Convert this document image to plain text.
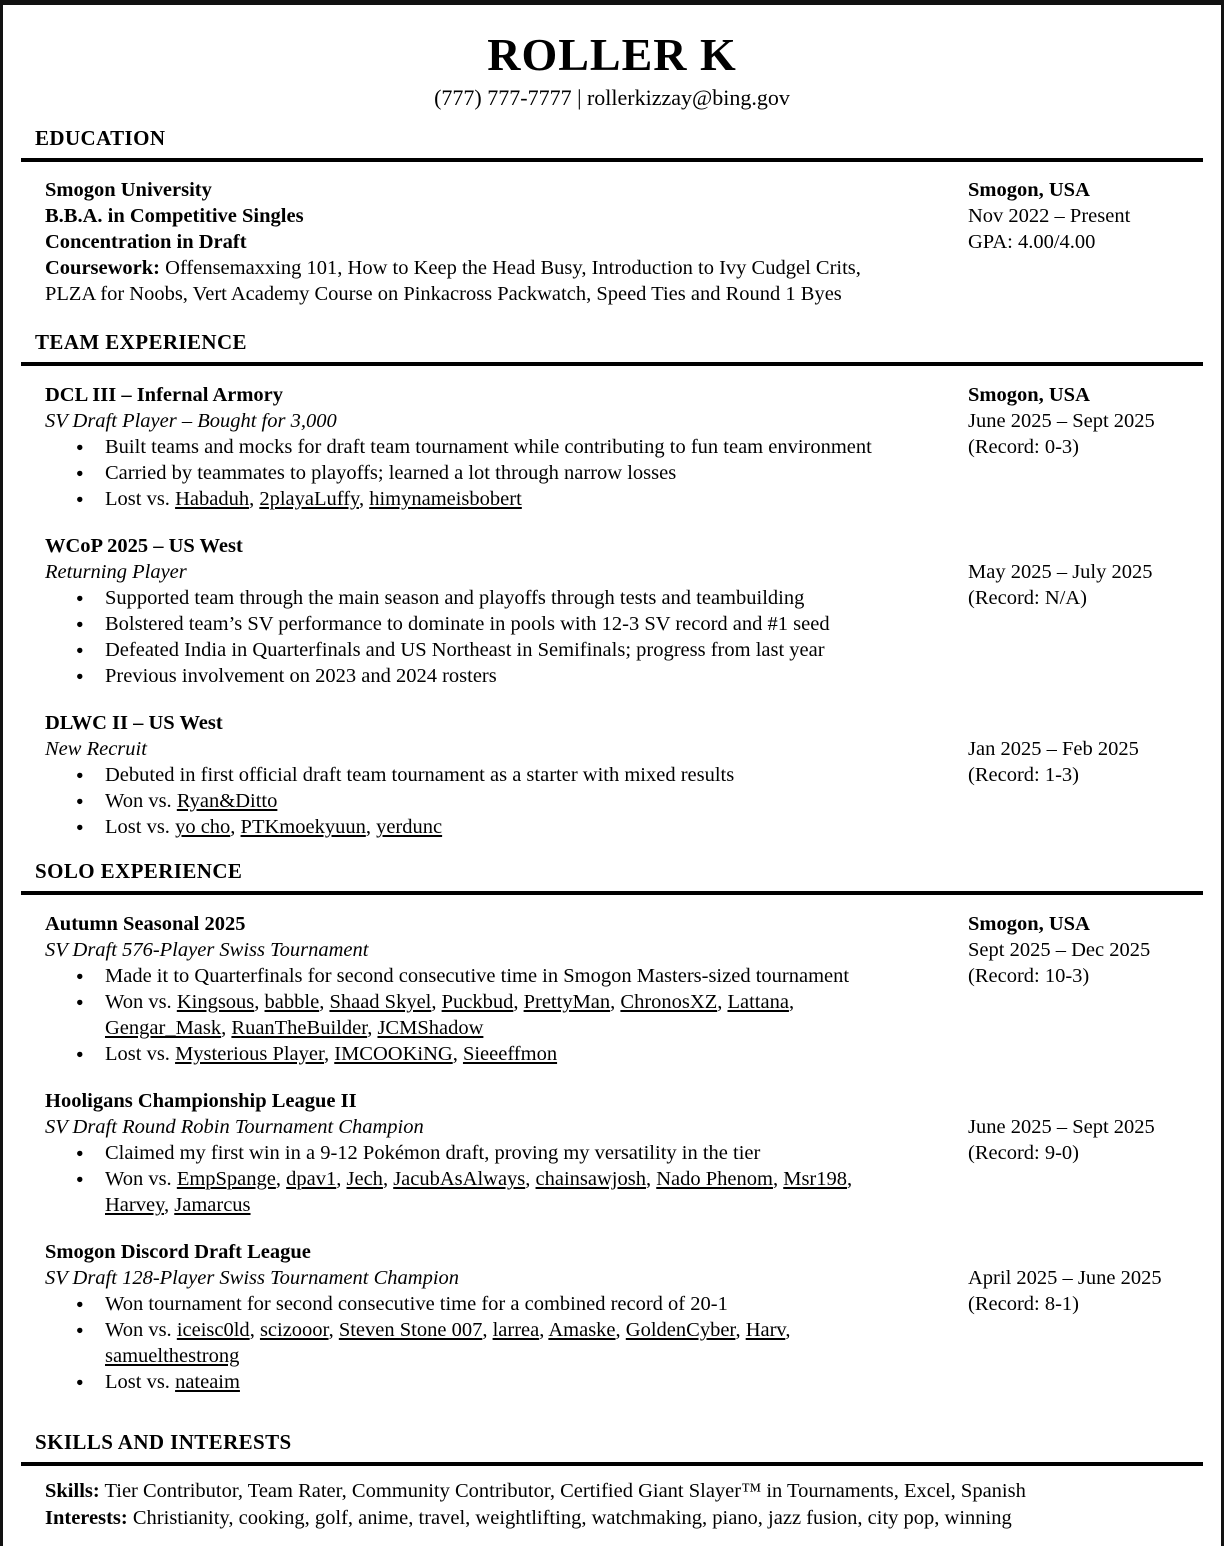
ROLLER K
(777) 777-7777 | rollerkizzay@bing.gov
EDUCATION
Smogon University	Smogon, USA
B.B.A. in Competitive Singles	Nov 2022 – Present
Concentration in Draft	GPA: 4.00/4.00
Coursework: Offensemaxxing 101, How to Keep the Head Busy, Introduction to Ivy Cudgel Crits,
PLZA for Noobs, Vert Academy Course on Pinkacross Packwatch, Speed Ties and Round 1 Byes
TEAM EXPERIENCE
DCL III – Infernal Armory	Smogon, USA
SV Draft Player – Bought for 3,000	June 2025 – Sept 2025
● Built teams and mocks for draft team tournament while contributing to fun team environment	(Record: 0-3)
● Carried by teammates to playoffs; learned a lot through narrow losses
● Lost vs. Habaduh, 2playaLuffy, himynameisbobert
WCoP 2025 – US West
Returning Player	May 2025 – July 2025
● Supported team through the main season and playoffs through tests and teambuilding	(Record: N/A)
● Bolstered team’s SV performance to dominate in pools with 12-3 SV record and #1 seed
● Defeated India in Quarterfinals and US Northeast in Semifinals; progress from last year
● Previous involvement on 2023 and 2024 rosters
DLWC II – US West
New Recruit	Jan 2025 – Feb 2025
● Debuted in first official draft team tournament as a starter with mixed results	(Record: 1-3)
● Won vs. Ryan&Ditto
● Lost vs. yo cho, PTKmoekyuun, yerdunc
SOLO EXPERIENCE
Autumn Seasonal 2025	Smogon, USA
SV Draft 576-Player Swiss Tournament	Sept 2025 – Dec 2025
● Made it to Quarterfinals for second consecutive time in Smogon Masters-sized tournament	(Record: 10-3)
● Won vs. Kingsous, babble, Shaad Skyel, Puckbud, PrettyMan, ChronosXZ, Lattana,
Gengar_Mask, RuanTheBuilder, JCMShadow
● Lost vs. Mysterious Player, IMCOOKiNG, Sieeeffmon
Hooligans Championship League II
SV Draft Round Robin Tournament Champion	June 2025 – Sept 2025
● Claimed my first win in a 9-12 Pokémon draft, proving my versatility in the tier	(Record: 9-0)
● Won vs. EmpSpange, dpav1, Jech, JacubAsAlways, chainsawjosh, Nado Phenom, Msr198,
Harvey, Jamarcus
Smogon Discord Draft League
SV Draft 128-Player Swiss Tournament Champion	April 2025 – June 2025
● Won tournament for second consecutive time for a combined record of 20-1	(Record: 8-1)
● Won vs. iceisc0ld, scizooor, Steven Stone 007, larrea, Amaske, GoldenCyber, Harv,
samuelthestrong
● Lost vs. nateaim
SKILLS AND INTERESTS
Skills: Tier Contributor, Team Rater, Community Contributor, Certified Giant Slayer™ in Tournaments, Excel, Spanish
Interests: Christianity, cooking, golf, anime, travel, weightlifting, watchmaking, piano, jazz fusion, city pop, winning
